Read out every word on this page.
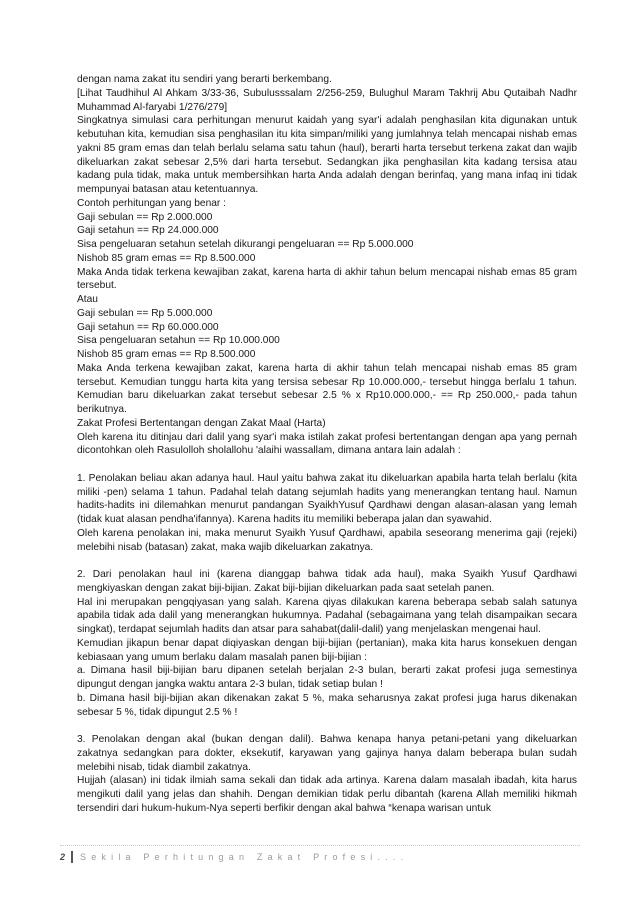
dengan nama zakat itu sendiri yang berarti berkembang.

[Lihat Taudhihul Al Ahkam 3/33-36, Subulusssalam 2/256-259, Bulughul Maram Takhrij Abu Qutaibah Nadhr Muhammad Al-faryabi 1/276/279]

Singkatnya simulasi cara perhitungan menurut kaidah yang syar'i adalah penghasilan kita digunakan untuk kebutuhan kita, kemudian sisa penghasilan itu kita simpan/miliki yang jumlahnya telah mencapai nishab emas yakni 85 gram emas dan telah berlalu selama satu tahun (haul), berarti harta tersebut terkena zakat dan wajib dikeluarkan zakat sebesar 2,5% dari harta tersebut. Sedangkan jika penghasilan kita kadang tersisa atau kadang pula tidak, maka untuk membersihkan harta Anda adalah dengan berinfaq, yang mana infaq ini tidak mempunyai batasan atau ketentuannya.

Contoh perhitungan yang benar :

Gaji sebulan == Rp 2.000.000

Gaji setahun == Rp 24.000.000

Sisa pengeluaran setahun setelah dikurangi pengeluaran == Rp 5.000.000

Nishob 85 gram emas == Rp 8.500.000

Maka Anda tidak terkena kewajiban zakat, karena harta di akhir tahun belum mencapai nishab emas 85 gram tersebut.

Atau

Gaji sebulan == Rp 5.000.000

Gaji setahun == Rp 60.000.000

Sisa pengeluaran setahun == Rp 10.000.000

Nishob 85 gram emas == Rp 8.500.000

Maka Anda terkena kewajiban zakat, karena harta di akhir tahun telah mencapai nishab emas 85 gram tersebut. Kemudian tunggu harta kita yang tersisa sebesar Rp 10.000.000,- tersebut hingga berlalu 1 tahun. Kemudian baru dikeluarkan zakat tersebut sebesar 2.5 % x Rp10.000.000,- == Rp 250.000,- pada tahun berikutnya.

Zakat Profesi Bertentangan dengan Zakat Maal (Harta)

Oleh karena itu ditinjau dari dalil yang syar'i maka istilah zakat profesi bertentangan dengan apa yang pernah dicontohkan oleh Rasulolloh sholallohu 'alaihi wassallam, dimana antara lain adalah :

1. Penolakan beliau akan adanya haul. Haul yaitu bahwa zakat itu dikeluarkan apabila harta telah berlalu (kita miliki -pen) selama 1 tahun. Padahal telah datang sejumlah hadits yang menerangkan tentang haul. Namun hadits-hadits ini dilemahkan menurut pandangan SyaikhYusuf Qardhawi dengan alasan-alasan yang lemah (tidak kuat alasan pendha'ifannya). Karena hadits itu memiliki beberapa jalan dan syawahid.

Oleh karena penolakan ini, maka menurut Syaikh Yusuf Qardhawi, apabila seseorang menerima gaji (rejeki) melebihi nisab (batasan) zakat, maka wajib dikeluarkan zakatnya.

2. Dari penolakan haul ini (karena dianggap bahwa tidak ada haul), maka Syaikh Yusuf Qardhawi mengkiyaskan dengan zakat biji-bijian. Zakat biji-bijian dikeluarkan pada saat setelah panen.

Hal ini merupakan pengqiyasan yang salah. Karena qiyas dilakukan karena beberapa sebab salah satunya apabila tidak ada dalil yang menerangkan hukumnya. Padahal (sebagaimana yang telah disampaikan secara singkat), terdapat sejumlah hadits dan atsar para sahabat(dalil-dalil) yang menjelaskan mengenai haul.

Kemudian jikapun benar dapat diqiyaskan dengan biji-bijian (pertanian), maka kita harus konsekuen dengan kebiasaan yang umum berlaku dalam masalah panen biji-bijian :

a. Dimana hasil biji-bijian baru dipanen setelah berjalan 2-3 bulan, berarti zakat profesi juga semestinya dipungut dengan jangka waktu antara 2-3 bulan, tidak setiap bulan !

b. Dimana hasil biji-bijian akan dikenakan zakat 5 %, maka seharusnya zakat profesi juga harus dikenakan sebesar 5 %, tidak dipungut 2.5 % !

3. Penolakan dengan akal (bukan dengan dalil). Bahwa kenapa hanya petani-petani yang dikeluarkan zakatnya sedangkan para dokter, eksekutif, karyawan yang gajinya hanya dalam beberapa bulan sudah melebihi nisab, tidak diambil zakatnya.

Hujjah (alasan) ini tidak ilmiah sama sekali dan tidak ada artinya. Karena dalam masalah ibadah, kita harus mengikuti dalil yang jelas dan shahih. Dengan demikian tidak perlu dibantah (karena Allah memiliki hikmah tersendiri dari hukum-hukum-Nya seperti berfikir dengan akal bahwa “kenapa warisan untuk

2 Sekila Perhitungan Zakat Profesi....
